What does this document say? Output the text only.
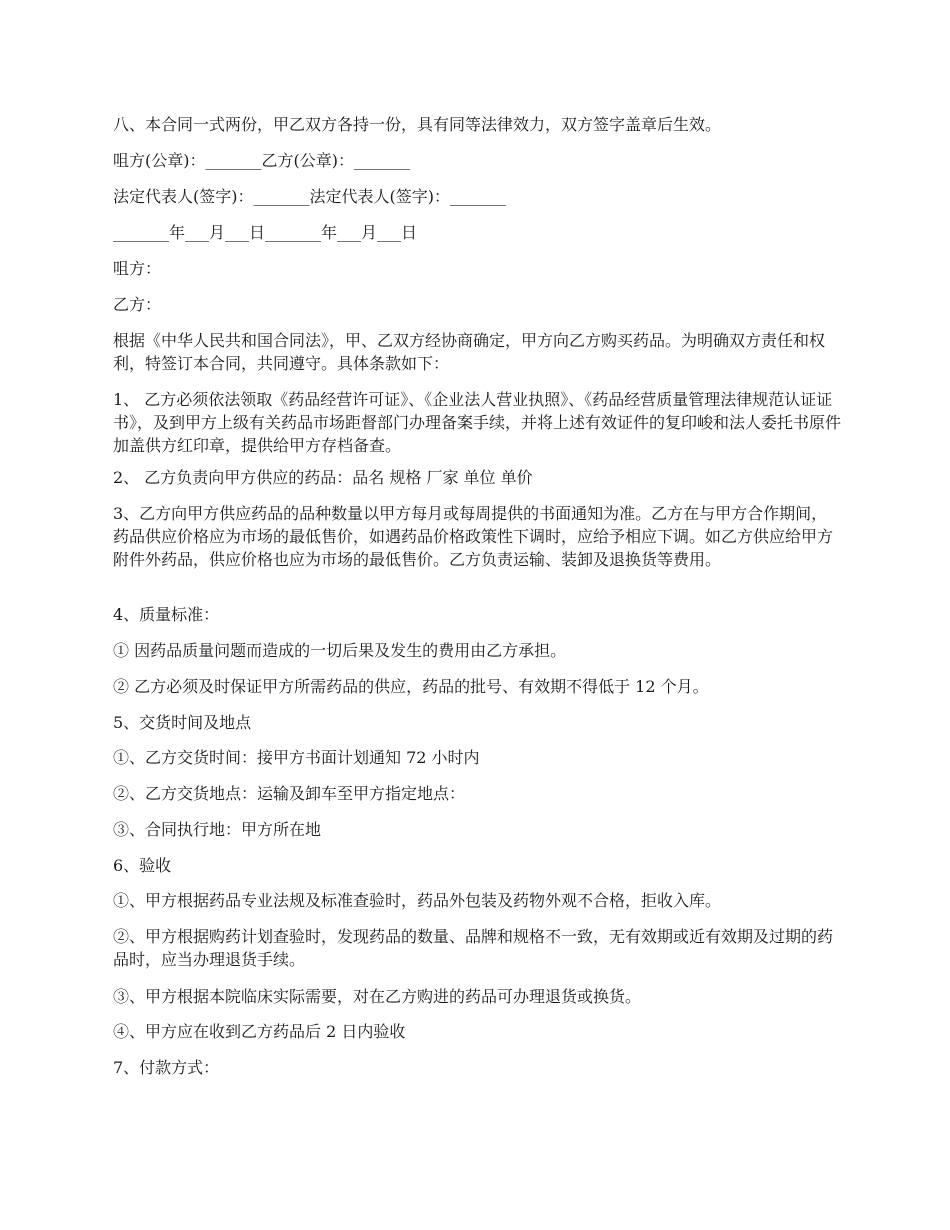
八、本合同一式两份，甲乙双方各持一份，具有同等法律效力，双方签字盖章后生效。

咀方(公章)：_______乙方(公章)：_______

法定代表人(签字)：_______法定代表人(签字)：_______

_______年___月___日_______年___月___日

咀方：

乙方：

根据《中华人民共和国合同法》，甲、乙双方经协商确定，甲方向乙方购买药品。为明确双方责任和权利，特签订本合同，共同遵守。具体条款如下：

1、 乙方必须依法领取《药品经营许可证》、《企业法人营业执照》、《药品经营质量管理法律规范认证证书》，及到甲方上级有关药品市场距督部门办理备案手续，并将上述有效证件的复印峻和法人委托书原件加盖供方红印章，提供给甲方存档备查。

2、 乙方负责向甲方供应的药品：品名 规格 厂家 单位 单价

3、乙方向甲方供应药品的品种数量以甲方每月或每周提供的书面通知为准。乙方在与甲方合作期间，药品供应价格应为市场的最低售价，如遇药品价格政策性下调时，应给予相应下调。如乙方供应给甲方附件外药品，供应价格也应为市场的最低售价。乙方负责运输、装卸及退换货等费用。

4、质量标准：

① 因药品质量问题而造成的一切后果及发生的费用由乙方承担。

② 乙方必须及时保证甲方所需药品的供应，药品的批号、有效期不得低于 12 个月。

5、交货时间及地点

①、乙方交货时间：接甲方书面计划通知 72 小时内

②、乙方交货地点：运输及卸车至甲方指定地点：

③、合同执行地：甲方所在地

6、验收

①、甲方根据药品专业法规及标准查验时，药品外包装及药物外观不合格，拒收入库。

②、甲方根据购药计划查验时，发现药品的数量、品牌和规格不一致，无有效期或近有效期及过期的药品时，应当办理退货手续。

③、甲方根据本院临床实际需要，对在乙方购进的药品可办理退货或换货。

④、甲方应在收到乙方药品后 2 日内验收

7、付款方式：
